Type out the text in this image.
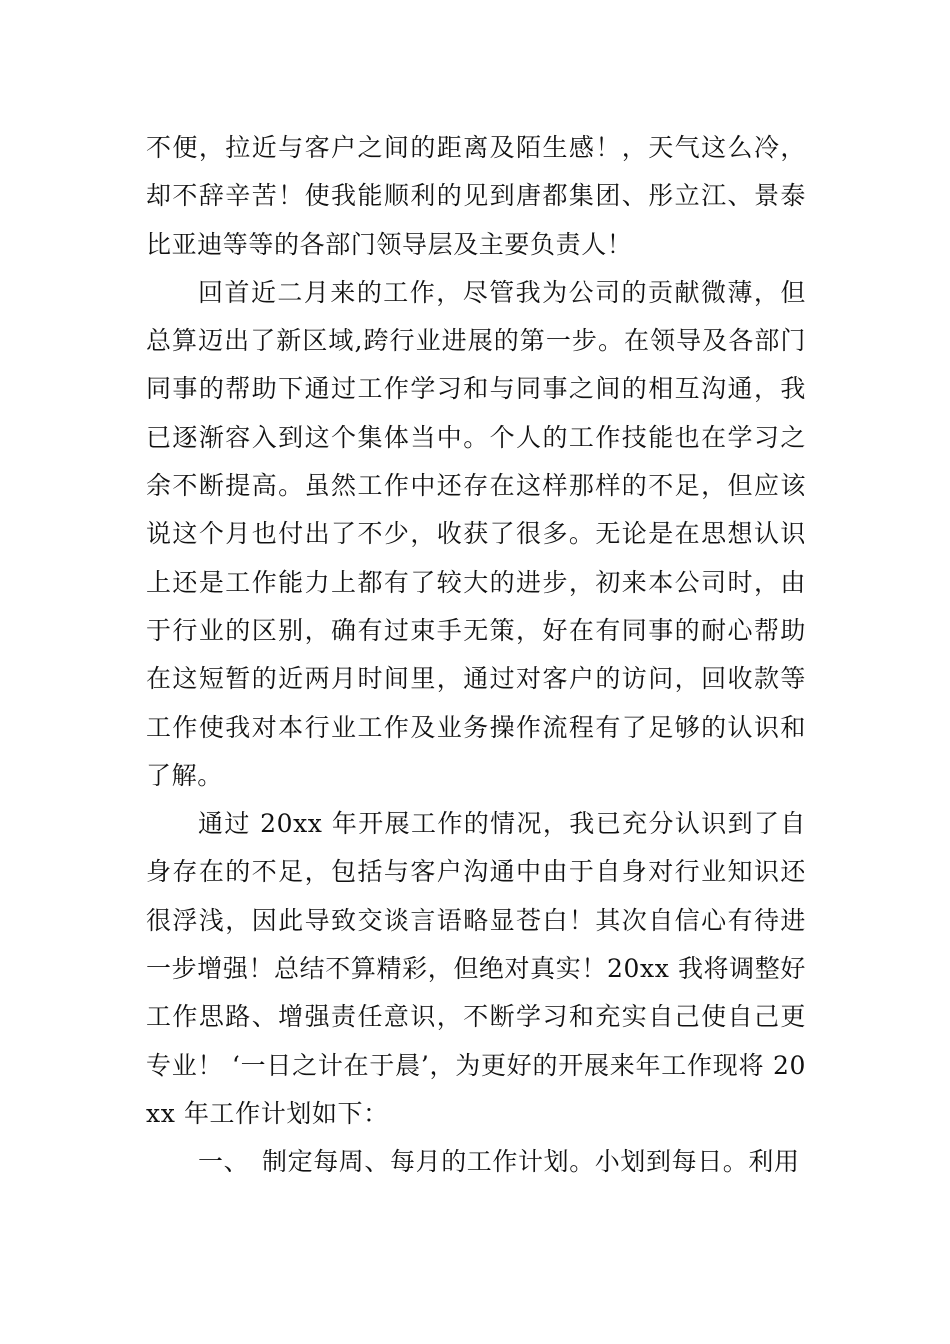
不便，拉近与客户之间的距离及陌生感！，天气这么冷，却不辞辛苦！使我能顺利的见到唐都集团、彤立江、景泰比亚迪等等的各部门领导层及主要负责人！

回首近二月来的工作，尽管我为公司的贡献微薄，但总算迈出了新区域,跨行业进展的第一步。在领导及各部门同事的帮助下通过工作学习和与同事之间的相互沟通，我已逐渐容入到这个集体当中。个人的工作技能也在学习之余不断提高。虽然工作中还存在这样那样的不足，但应该说这个月也付出了不少，收获了很多。无论是在思想认识上还是工作能力上都有了较大的进步，初来本公司时，由于行业的区别，确有过束手无策，好在有同事的耐心帮助在这短暂的近两月时间里，通过对客户的访问，回收款等工作使我对本行业工作及业务操作流程有了足够的认识和了解。

通过 20xx 年开展工作的情况，我已充分认识到了自身存在的不足，包括与客户沟通中由于自身对行业知识还很浮浅，因此导致交谈言语略显苍白！其次自信心有待进一步增强！总结不算精彩，但绝对真实！20xx 我将调整好工作思路、增强责任意识，不断学习和充实自己使自己更专业！ ‘一日之计在于晨’，为更好的开展来年工作现将 20xx 年工作计划如下：

一、 制定每周、每月的工作计划。小划到每日。利用
